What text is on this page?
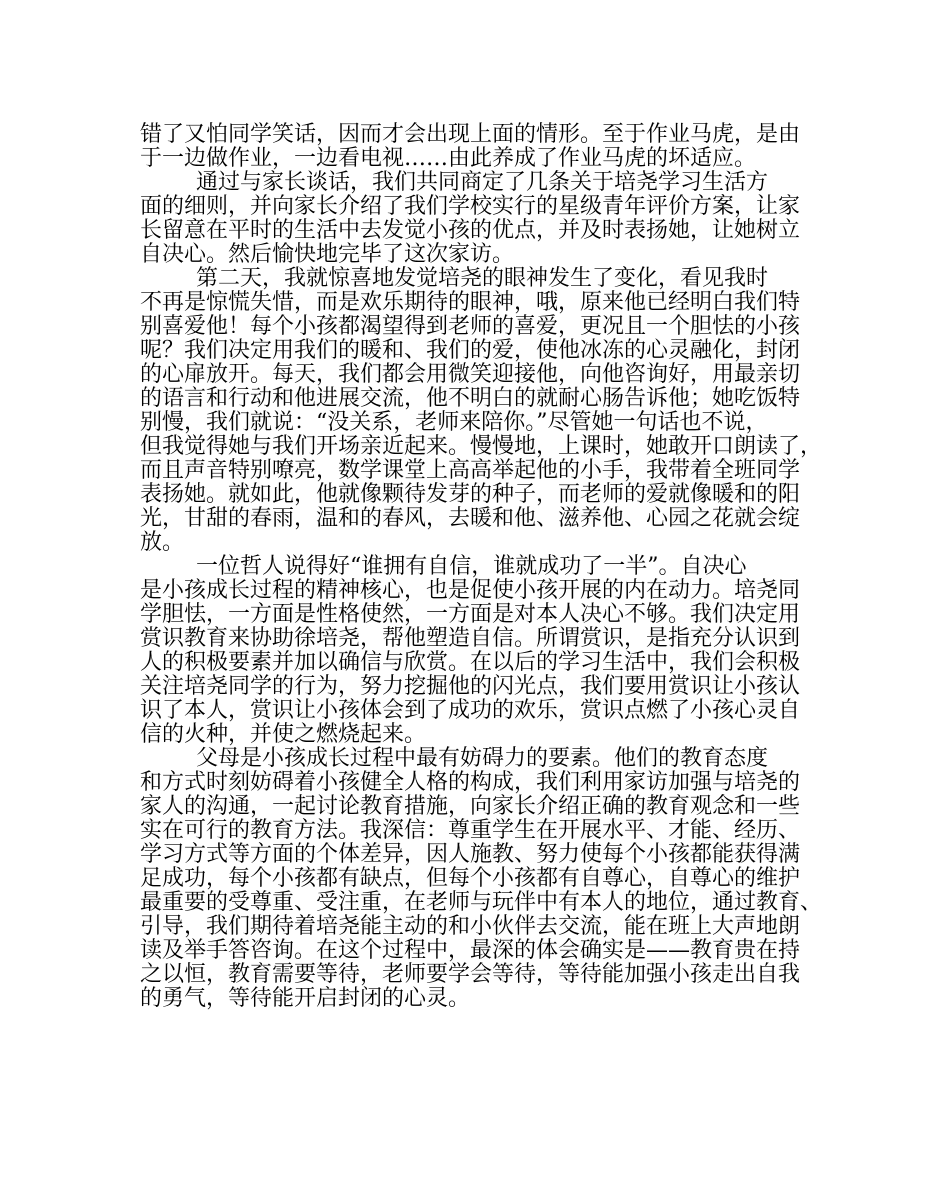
错了又怕同学笑话，因而才会出现上面的情形。至于作业马虎，是由
于一边做作业，一边看电视……由此养成了作业马虎的坏适应。
通过与家长谈话，我们共同商定了几条关于培尧学习生活方
面的细则，并向家长介绍了我们学校实行的星级青年评价方案，让家
长留意在平时的生活中去发觉小孩的优点，并及时表扬她，让她树立
自决心。然后愉快地完毕了这次家访。
第二天，我就惊喜地发觉培尧的眼神发生了变化，看见我时
不再是惊慌失惜，而是欢乐期待的眼神，哦，原来他已经明白我们特
别喜爱他！每个小孩都渴望得到老师的喜爱，更况且一个胆怯的小孩
呢？我们决定用我们的暖和、我们的爱，使他冰冻的心灵融化，封闭
的心扉放开。每天，我们都会用微笑迎接他，向他咨询好，用最亲切
的语言和行动和他进展交流，他不明白的就耐心肠告诉他；她吃饭特
别慢，我们就说：“没关系，老师来陪你。”尽管她一句话也不说，
但我觉得她与我们开场亲近起来。慢慢地，上课时，她敢开口朗读了，
而且声音特别嘹亮，数学课堂上高高举起他的小手，我带着全班同学
表扬她。就如此，他就像颗待发芽的种子，而老师的爱就像暖和的阳
光，甘甜的春雨，温和的春风，去暖和他、滋养他、心园之花就会绽
放。
一位哲人说得好“谁拥有自信，谁就成功了一半”。自决心
是小孩成长过程的精神核心，也是促使小孩开展的内在动力。培尧同
学胆怯，一方面是性格使然，一方面是对本人决心不够。我们决定用
赏识教育来协助徐培尧，帮他塑造自信。所谓赏识，是指充分认识到
人的积极要素并加以确信与欣赏。在以后的学习生活中，我们会积极
关注培尧同学的行为，努力挖掘他的闪光点，我们要用赏识让小孩认
识了本人，赏识让小孩体会到了成功的欢乐，赏识点燃了小孩心灵自
信的火种，并使之燃烧起来。
父母是小孩成长过程中最有妨碍力的要素。他们的教育态度
和方式时刻妨碍着小孩健全人格的构成，我们利用家访加强与培尧的
家人的沟通，一起讨论教育措施，向家长介绍正确的教育观念和一些
实在可行的教育方法。我深信：尊重学生在开展水平、才能、经历、
学习方式等方面的个体差异，因人施教、努力使每个小孩都能获得满
足成功，每个小孩都有缺点，但每个小孩都有自尊心，自尊心的维护
最重要的受尊重、受注重，在老师与玩伴中有本人的地位，通过教育、
引导，我们期待着培尧能主动的和小伙伴去交流，能在班上大声地朗
读及举手答咨询。在这个过程中，最深的体会确实是——教育贵在持
之以恒，教育需要等待，老师要学会等待，等待能加强小孩走出自我
的勇气，等待能开启封闭的心灵。
